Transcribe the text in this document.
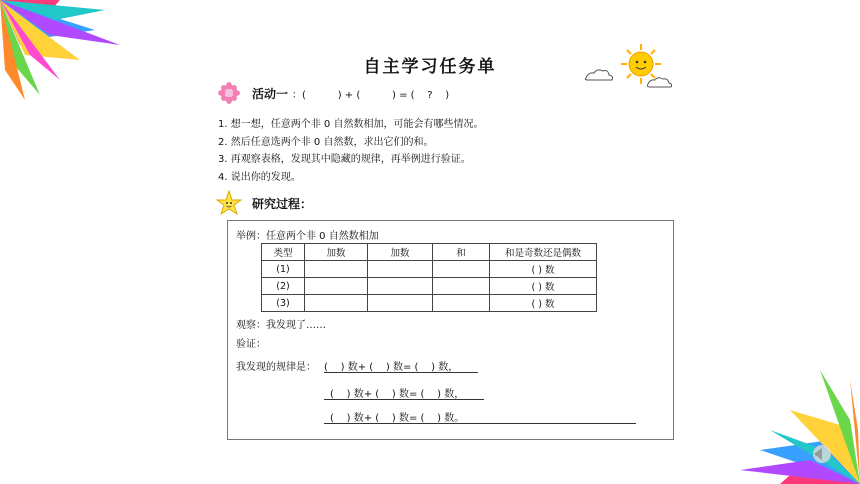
自主学习任务单
活动一 ：(          ) + (          ) = (    ?    )
1. 想一想，任意两个非 0 自然数相加，可能会有哪些情况。
2. 然后任意选两个非 0 自然数，求出它们的和。
3. 再观察表格，发现其中隐藏的规律，再举例进行验证。
4. 说出你的发现。
研究过程 ：
举例：任意两个非 0 自然数相加
类型	加数	加数	和	和是奇数还是偶数
(1)				( ) 数
(2)				( ) 数
(3)				( ) 数
观察：我发现了……
验证：
我发现的规律是： (    ) 数+ (    ) 数= (    ) 数，
(    ) 数+ (    ) 数= (    ) 数，
(    ) 数+ (    ) 数= (    ) 数。
